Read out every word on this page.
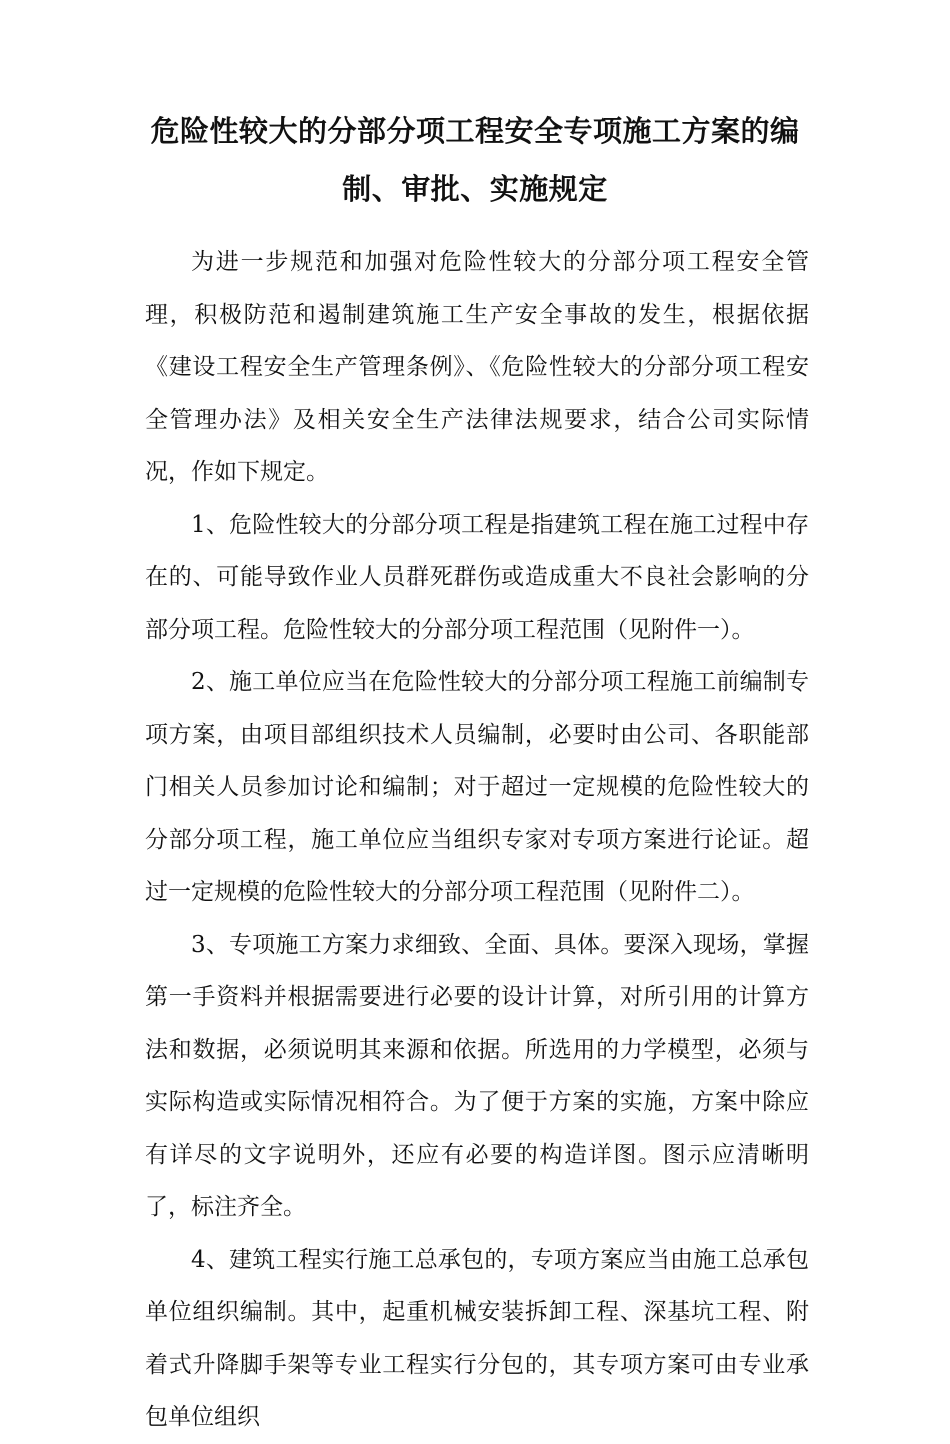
危险性较大的分部分项工程安全专项施工方案的编
制、审批、实施规定

为进一步规范和加强对危险性较大的分部分项工程安全管理，积极防范和遏制建筑施工生产安全事故的发生，根据依据《建设工程安全生产管理条例》、《危险性较大的分部分项工程安全管理办法》及相关安全生产法律法规要求，结合公司实际情况，作如下规定。

1、危险性较大的分部分项工程是指建筑工程在施工过程中存在的、可能导致作业人员群死群伤或造成重大不良社会影响的分部分项工程。危险性较大的分部分项工程范围（见附件一）。

2、施工单位应当在危险性较大的分部分项工程施工前编制专项方案，由项目部组织技术人员编制，必要时由公司、各职能部门相关人员参加讨论和编制；对于超过一定规模的危险性较大的分部分项工程，施工单位应当组织专家对专项方案进行论证。超过一定规模的危险性较大的分部分项工程范围（见附件二）。

3、专项施工方案力求细致、全面、具体。要深入现场，掌握第一手资料并根据需要进行必要的设计计算，对所引用的计算方法和数据，必须说明其来源和依据。所选用的力学模型，必须与实际构造或实际情况相符合。为了便于方案的实施，方案中除应有详尽的文字说明外，还应有必要的构造详图。图示应清晰明了，标注齐全。

4、建筑工程实行施工总承包的，专项方案应当由施工总承包单位组织编制。其中，起重机械安装拆卸工程、深基坑工程、附着式升降脚手架等专业工程实行分包的，其专项方案可由专业承包单位组织
